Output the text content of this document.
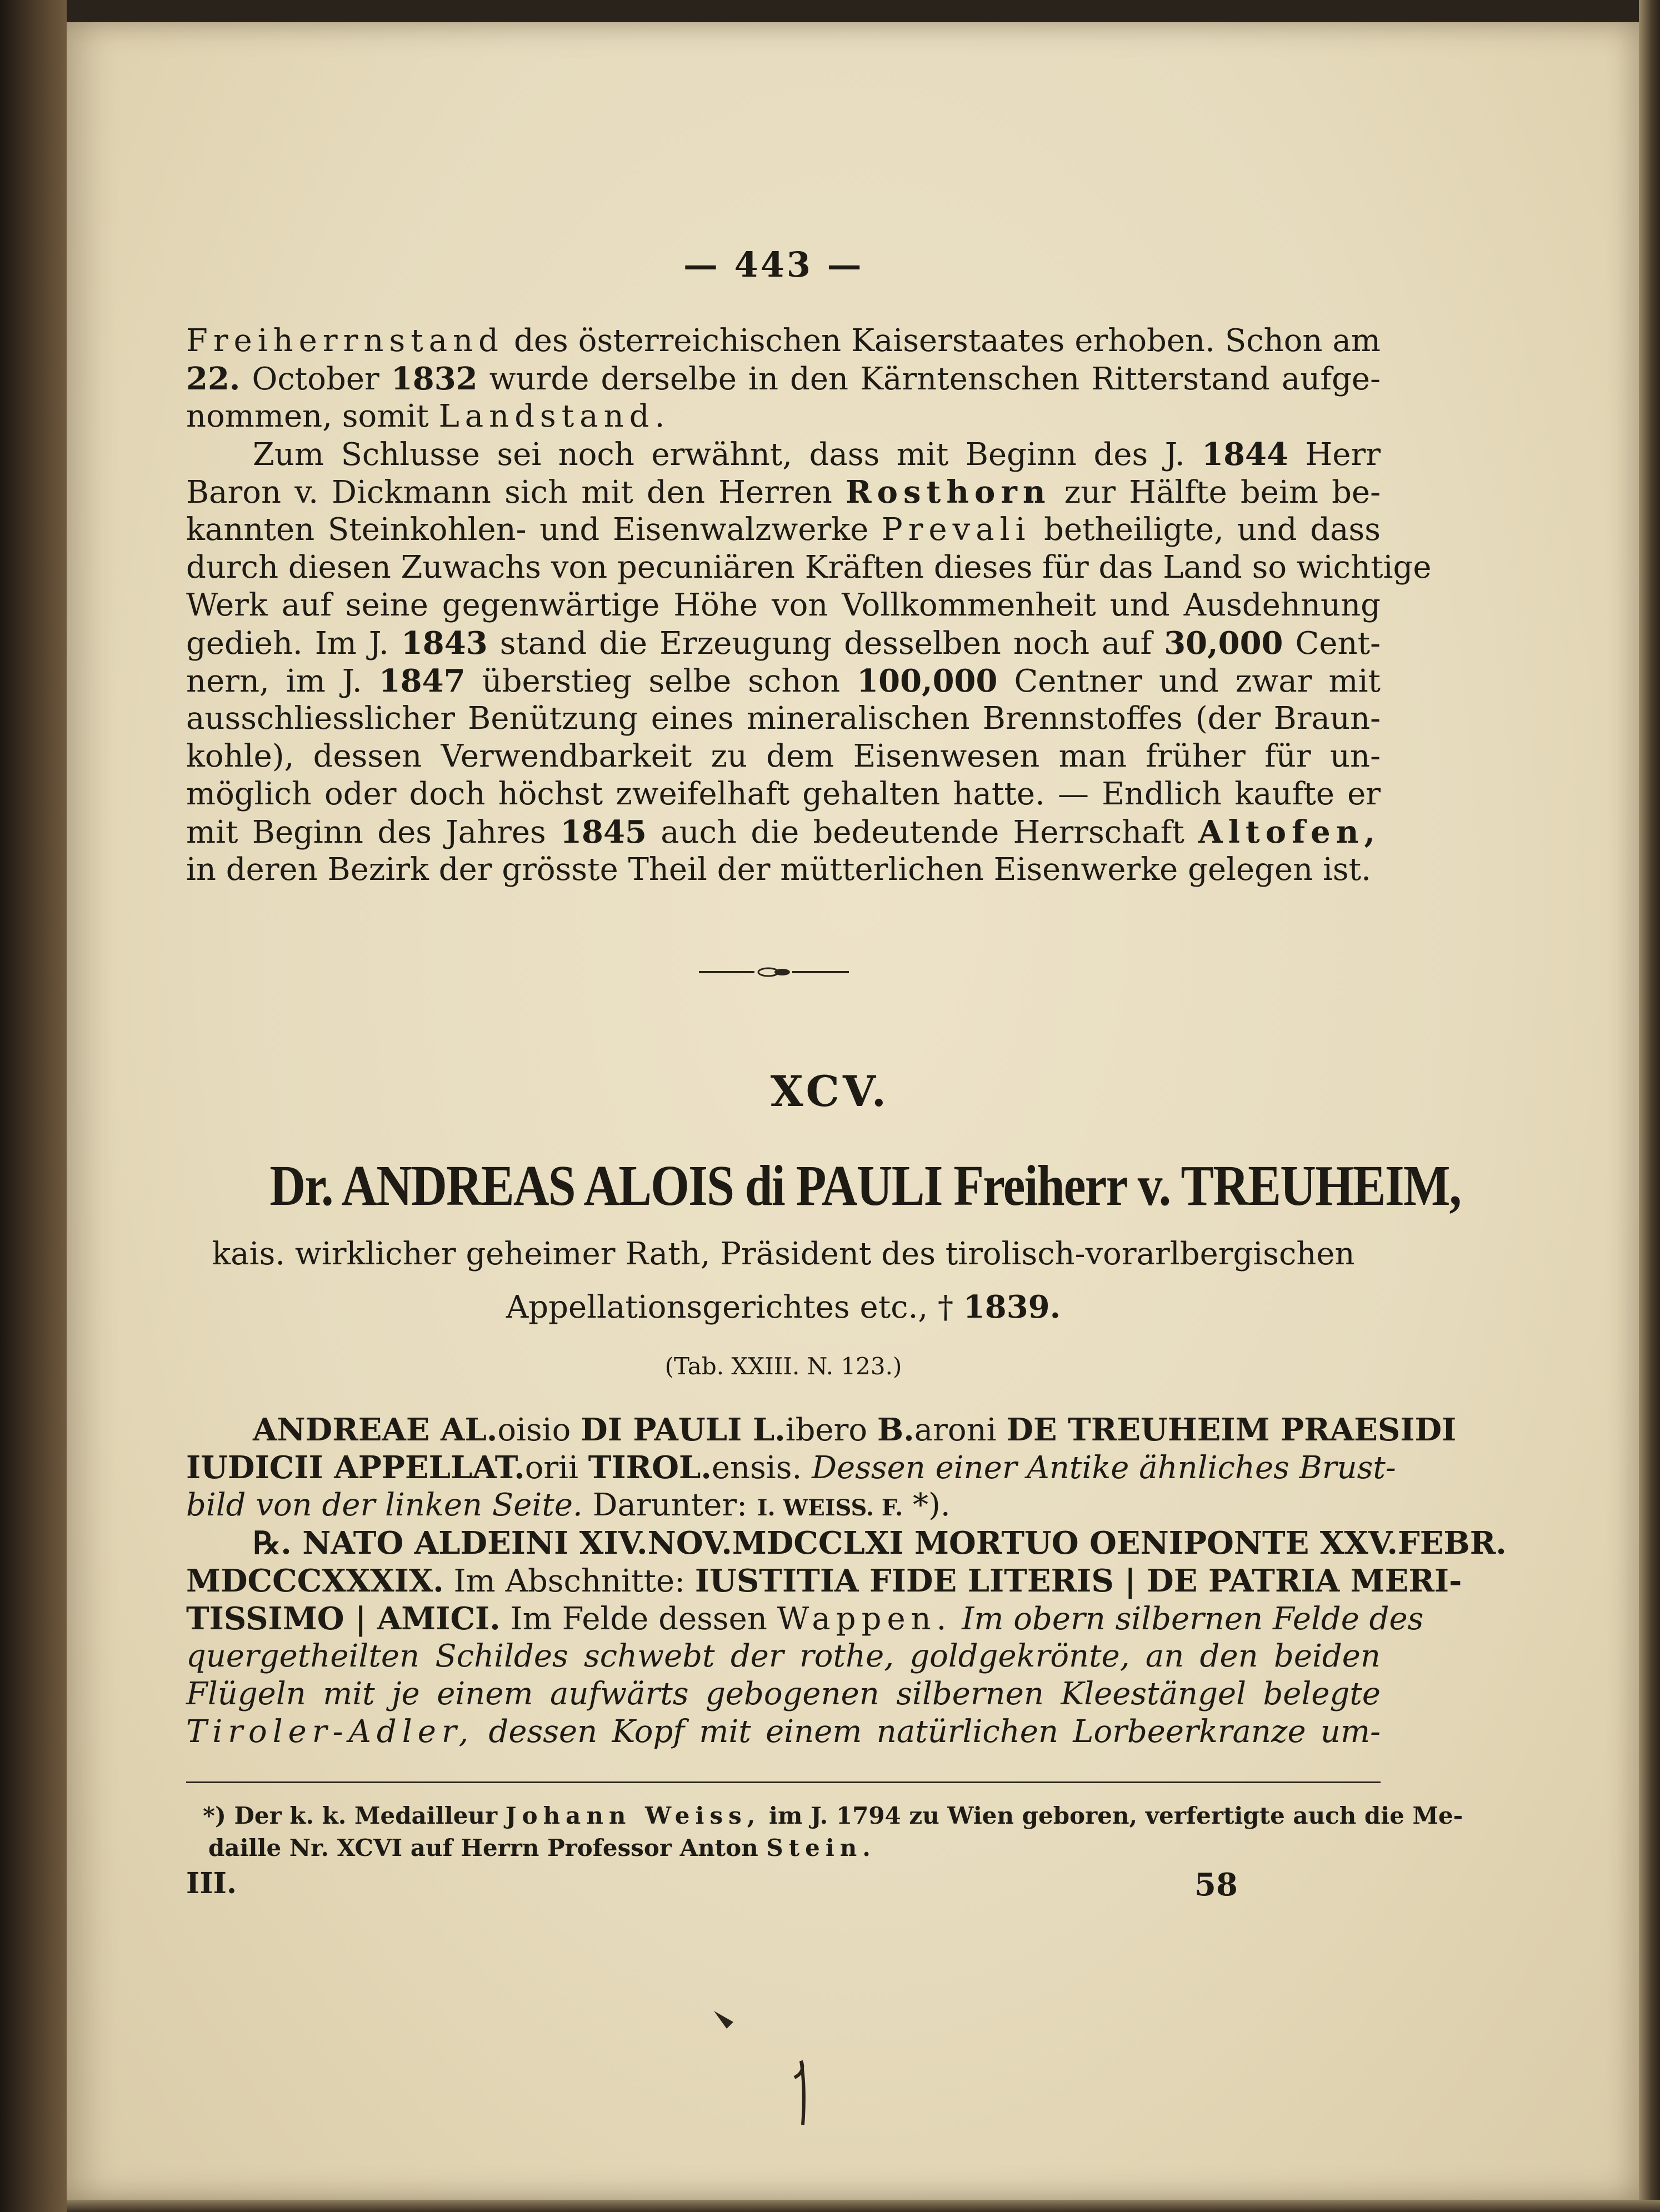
— 443 —
Freiherrnstand des österreichischen Kaiserstaates erhoben. Schon am
22. October 1832 wurde derselbe in den Kärntenschen Ritterstand aufge-
nommen, somit Landstand.
Zum Schlusse sei noch erwähnt, dass mit Beginn des J. 1844 Herr
Baron v. Dickmann sich mit den Herren Rosthorn zur Hälfte beim be-
kannten Steinkohlen- und Eisenwalzwerke Prevali betheiligte, und dass
durch diesen Zuwachs von pecuniären Kräften dieses für das Land so wichtige
Werk auf seine gegenwärtige Höhe von Vollkommenheit und Ausdehnung
gedieh. Im J. 1843 stand die Erzeugung desselben noch auf 30,000 Cent-
nern, im J. 1847 überstieg selbe schon 100,000 Centner und zwar mit
ausschliesslicher Benützung eines mineralischen Brennstoffes (der Braun-
kohle), dessen Verwendbarkeit zu dem Eisenwesen man früher für un-
möglich oder doch höchst zweifelhaft gehalten hatte. — Endlich kaufte er
mit Beginn des Jahres 1845 auch die bedeutende Herrschaft Altofen,
in deren Bezirk der grösste Theil der mütterlichen Eisenwerke gelegen ist.
XCV.
Dr. ANDREAS ALOIS di PAULI Freiherr v. TREUHEIM,
kais. wirklicher geheimer Rath, Präsident des tirolisch-vorarlbergischen
Appellationsgerichtes etc., † 1839.
(Tab. XXIII. N. 123.)
ANDREAE AL.oisio DI PAULI L.ibero B.aroni DE TREUHEIM PRAESIDI
IUDICII APPELLAT.orii TIROL.ensis. Dessen einer Antike ähnliches Brust-
bild von der linken Seite. Darunter: I. WEISS. F. *).
℞. NATO ALDEINI XIV.NOV.MDCCLXI MORTUO OENIPONTE XXV.FEBR.
MDCCCXXXIX. Im Abschnitte: IUSTITIA FIDE LITERIS | DE PATRIA MERI-
TISSIMO | AMICI. Im Felde dessen Wappen. Im obern silbernen Felde des
quergetheilten Schildes schwebt der rothe, goldgekrönte, an den beiden
Flügeln mit je einem aufwärts gebogenen silbernen Kleestängel belegte
Tiroler-Adler, dessen Kopf mit einem natürlichen Lorbeerkranze um-
*) Der k. k. Medailleur Johann Weiss, im J. 1794 zu Wien geboren, verfertigte auch die Me-
daille Nr. XCVI auf Herrn Professor Anton Stein.
III.	58
